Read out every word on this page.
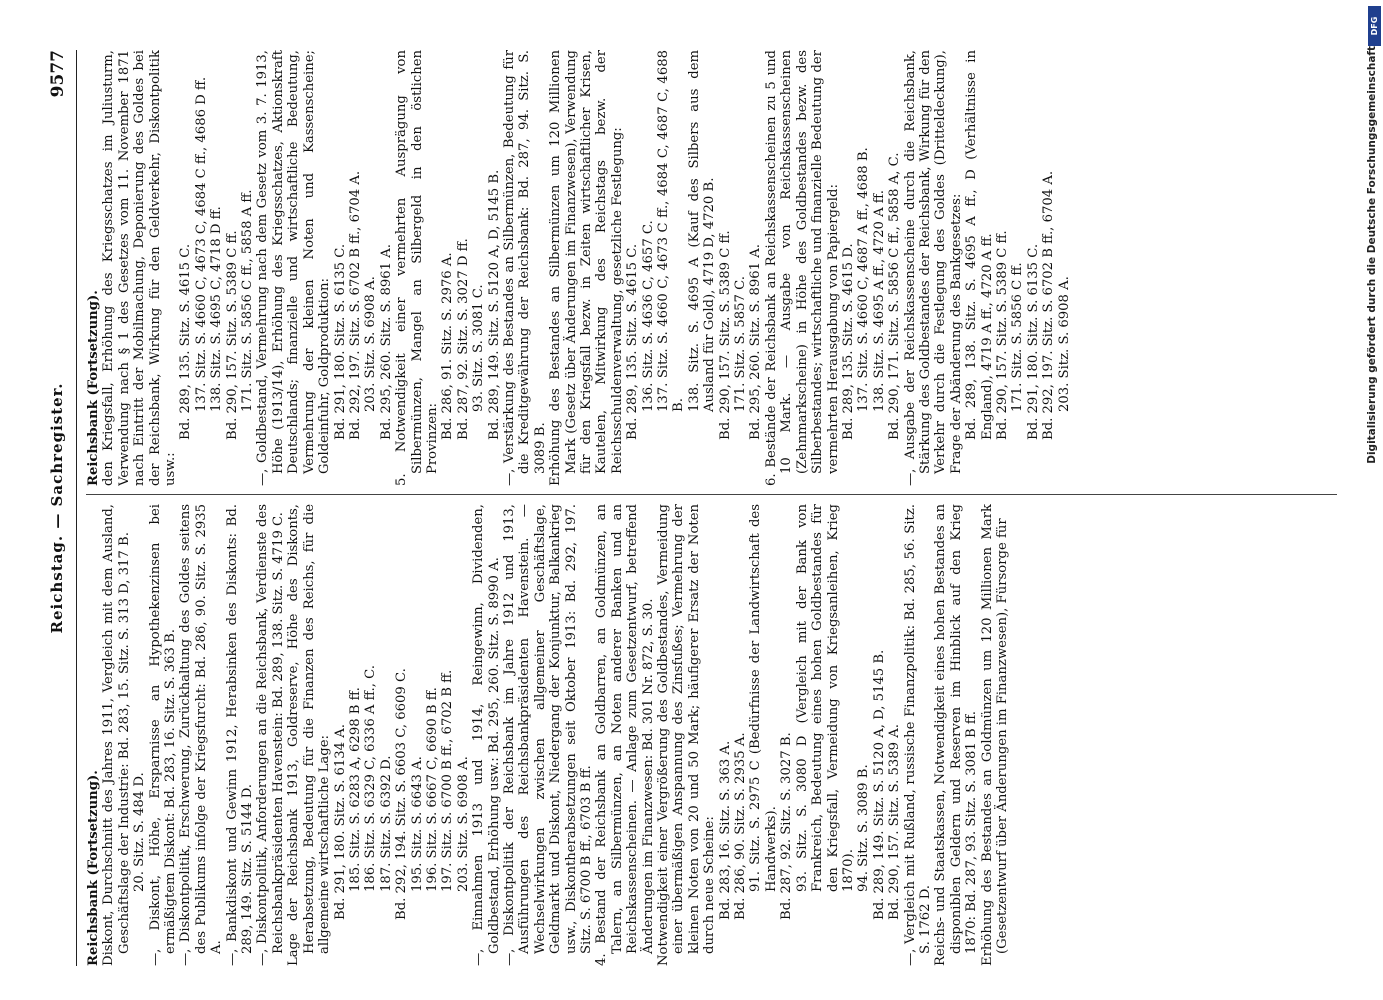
Reichstag. — Sachregister.
9577

Reichsbank (Fortsetzung). Diskont, Durchschnitt des Jahres 1911, Vergleich mit dem Ausland, Geschäftslage der Industrie: Bd. 283, 15. Sitz. S. 313 D, 317 B. 20. Sitz. S. 484 D. —, Diskont, Höhe, Ersparnisse an Hypothekenzinsen bei ermäßigtem Diskont: Bd. 283, 16. Sitz. S. 363 B. —, Diskontpolitik, Erschwerung, Zurückhaltung des Goldes seitens des Publikums infolge der Kriegsfurcht: Bd. 286, 90. Sitz. S. 2935 A. —, Bankdiskont und Gewinn 1912, Herabsinken des Diskonts: Bd. 289, 149. Sitz. S. 5144 D. —, Diskontpolitik, Anforderungen an die Reichsbank, Verdienste des Reichsbankpräsidenten Havenstein: Bd. 289, 138. Sitz. S. 4719 C. Lage der Reichsbank 1913, Goldreserve, Höhe des Diskonts, Herabsetzung, Bedeutung für die Finanzen des Reichs, für die allgemeine wirtschaftliche Lage: Bd. 291, 180. Sitz. S. 6134 A. 185. Sitz. S. 6283 A, 6298 B ff. 186. Sitz. S. 6329 C, 6336 A ff., C. 187. Sitz. S. 6392 D. Bd. 292, 194. Sitz. S. 6603 C, 6609 C. 195. Sitz. S. 6643 A. 196. Sitz. S. 6667 C, 6690 B ff. 197. Sitz. S. 6700 B ff., 6702 B ff. 203. Sitz. S. 6908 A. —, Einnahmen 1913 und 1914, Reingewinn, Dividenden, Goldbestand, Erhöhung usw.: Bd. 295, 260. Sitz. S. 8990 A. —, Diskontpolitik der Reichsbank im Jahre 1912 und 1913, Ausführungen des Reichsbankpräsidenten Havenstein. — Wechselwirkungen zwischen allgemeiner Geschäftslage, Geldmarkt und Diskont, Niedergang der Konjunktur, Balkankrieg usw., Diskontherabsetzungen seit Oktober 1913: Bd. 292, 197. Sitz. S. 6700 B ff., 6703 B ff. 4. Bestand der Reichsbank an Goldbarren, an Goldmünzen, an Talern, an Silbermünzen, an Noten anderer Banken und an Reichskassenscheinen. — Anlage zum Gesetzentwurf, betreffend Änderungen im Finanzwesen: Bd. 301 Nr. 872, S. 30. Notwendigkeit einer Vergrößerung des Goldbestandes, Vermeidung einer übermäßigen Anspannung des Zinsfußes; Vermehrung der kleinen Noten von 20 und 50 Mark; häufigerer Ersatz der Noten durch neue Scheine: Bd. 283, 16. Sitz. S. 363 A. Bd. 286, 90. Sitz. S. 2935 A. 91. Sitz. S. 2975 C (Bedürfnisse der Landwirtschaft des Handwerks). Bd. 287, 92. Sitz. S. 3027 B. 93. Sitz. S. 3080 D (Vergleich mit der Bank von Frankreich, Bedeutung eines hohen Goldbestandes für den Kriegsfall, Vermeidung von Kriegsanleihen, Krieg 1870). 94. Sitz. S. 3089 B. Bd. 289, 149. Sitz. S. 5120 A, D, 5145 B. Bd. 290, 157. Sitz. S. 5389 A. —, Vergleich mit Rußland, russische Finanzpolitik: Bd. 285, 56. Sitz. S. 1762 D. Reichs- und Staatskassen, Notwendigkeit eines hohen Bestandes an disponiblen Geldern und Reserven im Hinblick auf den Krieg 1870: Bd. 287, 93. Sitz. S. 3081 B ff. Erhöhung des Bestandes an Goldmünzen um 120 Millionen Mark (Gesetzentwurf über Änderungen im Finanzwesen), Fürsorge für

Reichsbank (Fortsetzung). den Kriegsfall, Erhöhung des Kriegsschatzes im Juliusturm, Verwendung nach § 1 des Gesetzes vom 11. November 1871 nach Eintritt der Mobilmachung, Deponierung des Goldes bei der Reichsbank, Wirkung für den Geldverkehr, Diskontpolitik usw.:

Bd. 289, 135. Sitz. S. 4615 C. 137. Sitz. S. 4660 C, 4673 C, 4684 C ff., 4686 D ff. 138. Sitz. S. 4695 C, 4718 D ff. Bd. 290, 157. Sitz. S. 5389 C ff. 171. Sitz. S. 5856 C ff., 5858 A ff. —, Goldbestand, Vermehrung nach dem Gesetz vom 3. 7. 1913, Höhe (1913/14), Erhöhung des Kriegsschatzes, Aktionskraft Deutschlands; finanzielle und wirtschaftliche Bedeutung, Vermehrung der kleinen Noten und Kassenscheine; Goldeinfuhr, Goldproduktion: Bd. 291, 180. Sitz. S. 6135 C. Bd. 292, 197. Sitz. S. 6702 B ff., 6704 A. 203. Sitz. S. 6908 A. Bd. 295, 260. Sitz. S. 8961 A. 5. Notwendigkeit einer vermehrten Ausprägung von Silbermünzen, Mangel an Silbergeld in den östlichen Provinzen: Bd. 286, 91. Sitz. S. 2976 A. Bd. 287, 92. Sitz. S. 3027 D ff. 93. Sitz. S. 3081 C. Bd. 289, 149. Sitz. S. 5120 A, D, 5145 B. —, Verstärkung des Bestandes an Silbermünzen, Bedeutung für die Kreditgewährung der Reichsbank: Bd. 287, 94. Sitz. S. 3089 B. Erhöhung des Bestandes an Silbermünzen um 120 Millionen Mark (Gesetz über Änderungen im Finanzwesen), Verwendung für den Kriegsfall bezw. in Zeiten wirtschaftlicher Krisen, Kautelen, Mitwirkung des Reichstags bezw. der Reichsschuldenverwaltung, gesetzliche Festlegung: Bd. 289, 135. Sitz. S. 4615 C. 136. Sitz. S. 4636 C, 4657 C. 137. Sitz. S. 4660 C, 4673 C ff., 4684 C, 4687 C, 4688 B. 138. Sitz. S. 4695 A (Kauf des Silbers aus dem Ausland für Gold), 4719 D, 4720 B. Bd. 290, 157. Sitz. S. 5389 C ff. 171. Sitz. S. 5857 C. Bd. 295, 260. Sitz. S. 8961 A. 6. Bestände der Reichsbank an Reichskassenscheinen zu 5 und 10 Mark. — Ausgabe von Reichskassenscheinen (Zehnmarkscheine) in Höhe des Goldbestandes bezw. des Silberbestandes; wirtschaftliche und finanzielle Bedeutung der vermehrten Herausgabung von Papiergeld: Bd. 289, 135. Sitz. S. 4615 D. 137. Sitz. S. 4660 C, 4687 A ff., 4688 B. 138. Sitz. S. 4695 A ff., 4720 A ff. Bd. 290, 171. Sitz. S. 5856 C ff., 5858 A, C. —, Ausgabe der Reichskassenscheine durch die Reichsbank, Stärkung des Goldbestandes der Reichsbank, Wirkung für den Verkehr durch die Festlegung des Goldes (Dritteldeckung), Frage der Abänderung des Bankgesetzes: Bd. 289, 138. Sitz. S. 4695 A ff., D (Verhältnisse in England), 4719 A ff., 4720 A ff. Bd. 290, 157. Sitz. S. 5389 C ff. 171. Sitz. S. 5856 C ff. Bd. 291, 180. Sitz. S. 6135 C. Bd. 292, 197. Sitz. S. 6702 B ff., 6704 A. 203. Sitz. S. 6908 A.	Digitalisierung gefördert durch die Deutsche Forschungsgemeinschaft
DFG
